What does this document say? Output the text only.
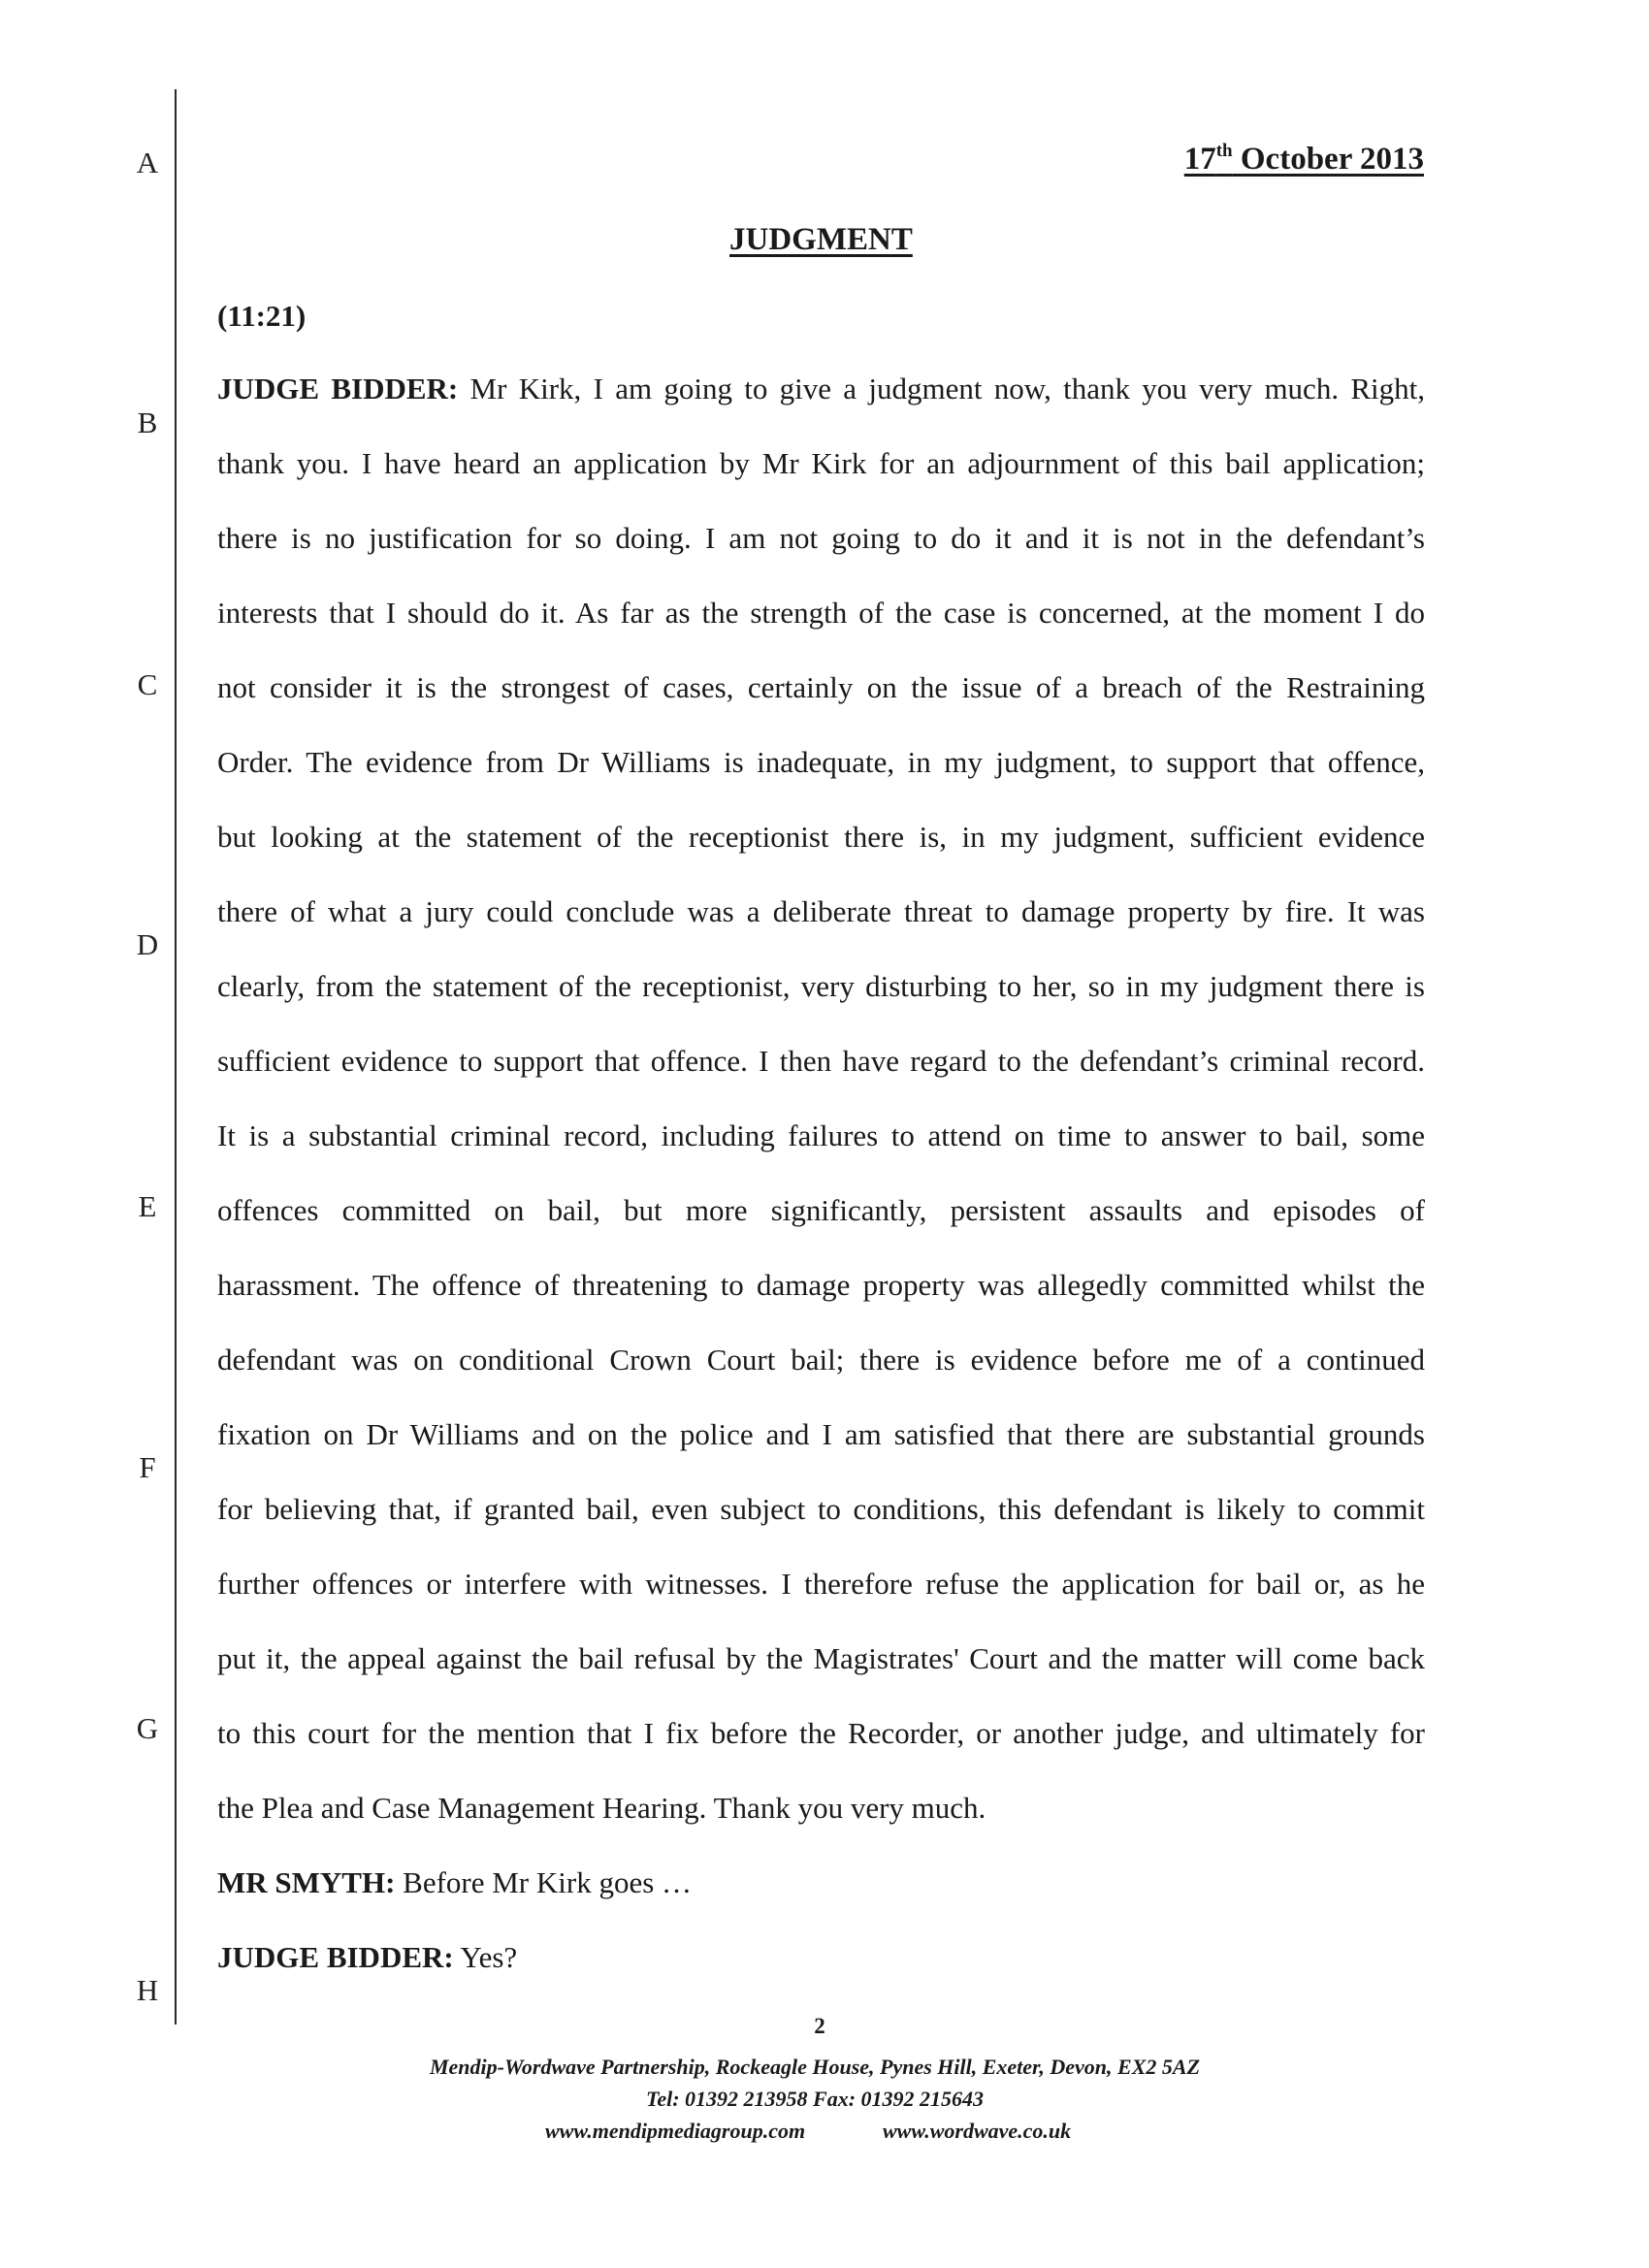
A
B
C
D
E
F
G
H
17th October 2013
JUDGMENT
(11:21)
JUDGE BIDDER: Mr Kirk, I am going to give a judgment now, thank you very much. Right,
thank you. I have heard an application by Mr Kirk for an adjournment of this bail application;
there is no justification for so doing. I am not going to do it and it is not in the defendant’s
interests that I should do it. As far as the strength of the case is concerned, at the moment I do
not consider it is the strongest of cases, certainly on the issue of a breach of the Restraining
Order. The evidence from Dr Williams is inadequate, in my judgment, to support that offence,
but looking at the statement of the receptionist there is, in my judgment, sufficient evidence
there of what a jury could conclude was a deliberate threat to damage property by fire. It was
clearly, from the statement of the receptionist, very disturbing to her, so in my judgment there is
sufficient evidence to support that offence. I then have regard to the defendant’s criminal record.
It is a substantial criminal record, including failures to attend on time to answer to bail, some
offences committed on bail, but more significantly, persistent assaults and episodes of
harassment. The offence of threatening to damage property was allegedly committed whilst the
defendant was on conditional Crown Court bail; there is evidence before me of a continued
fixation on Dr Williams and on the police and I am satisfied that there are substantial grounds
for believing that, if granted bail, even subject to conditions, this defendant is likely to commit
further offences or interfere with witnesses. I therefore refuse the application for bail or, as he
put it, the appeal against the bail refusal by the Magistrates' Court and the matter will come back
to this court for the mention that I fix before the Recorder, or another judge, and ultimately for
the Plea and Case Management Hearing. Thank you very much.
MR SMYTH: Before Mr Kirk goes …
JUDGE BIDDER: Yes?
2
Mendip-Wordwave Partnership, Rockeagle House, Pynes Hill, Exeter, Devon, EX2 5AZ
Tel: 01392 213958 Fax: 01392 215643
www.mendipmediagroup.com	www.wordwave.co.uk
